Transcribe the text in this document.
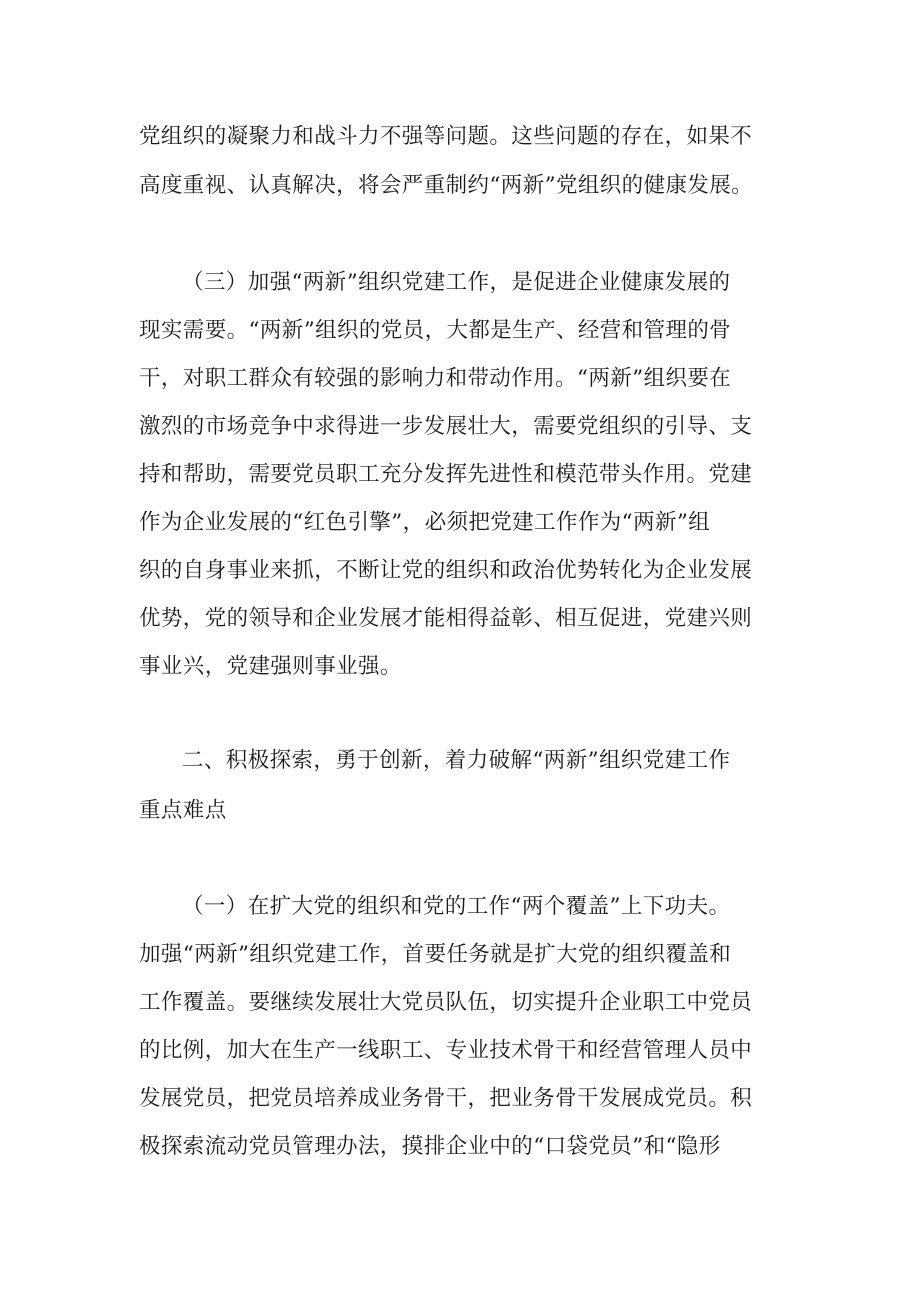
党组织的凝聚力和战斗力不强等问题。这些问题的存在，如果不
高度重视、认真解决，将会严重制约“两新”党组织的健康发展。
（三）加强“两新”组织党建工作，是促进企业健康发展的
现实需要。“两新”组织的党员，大都是生产、经营和管理的骨
干，对职工群众有较强的影响力和带动作用。“两新”组织要在
激烈的市场竞争中求得进一步发展壮大，需要党组织的引导、支
持和帮助，需要党员职工充分发挥先进性和模范带头作用。党建
作为企业发展的“红色引擎”，必须把党建工作作为“两新”组
织的自身事业来抓，不断让党的组织和政治优势转化为企业发展
优势，党的领导和企业发展才能相得益彰、相互促进，党建兴则
事业兴，党建强则事业强。
二、积极探索，勇于创新，着力破解“两新”组织党建工作
重点难点
（一）在扩大党的组织和党的工作“两个覆盖”上下功夫。
加强“两新”组织党建工作，首要任务就是扩大党的组织覆盖和
工作覆盖。要继续发展壮大党员队伍，切实提升企业职工中党员
的比例，加大在生产一线职工、专业技术骨干和经营管理人员中
发展党员，把党员培养成业务骨干，把业务骨干发展成党员。积
极探索流动党员管理办法，摸排企业中的“口袋党员”和“隐形
